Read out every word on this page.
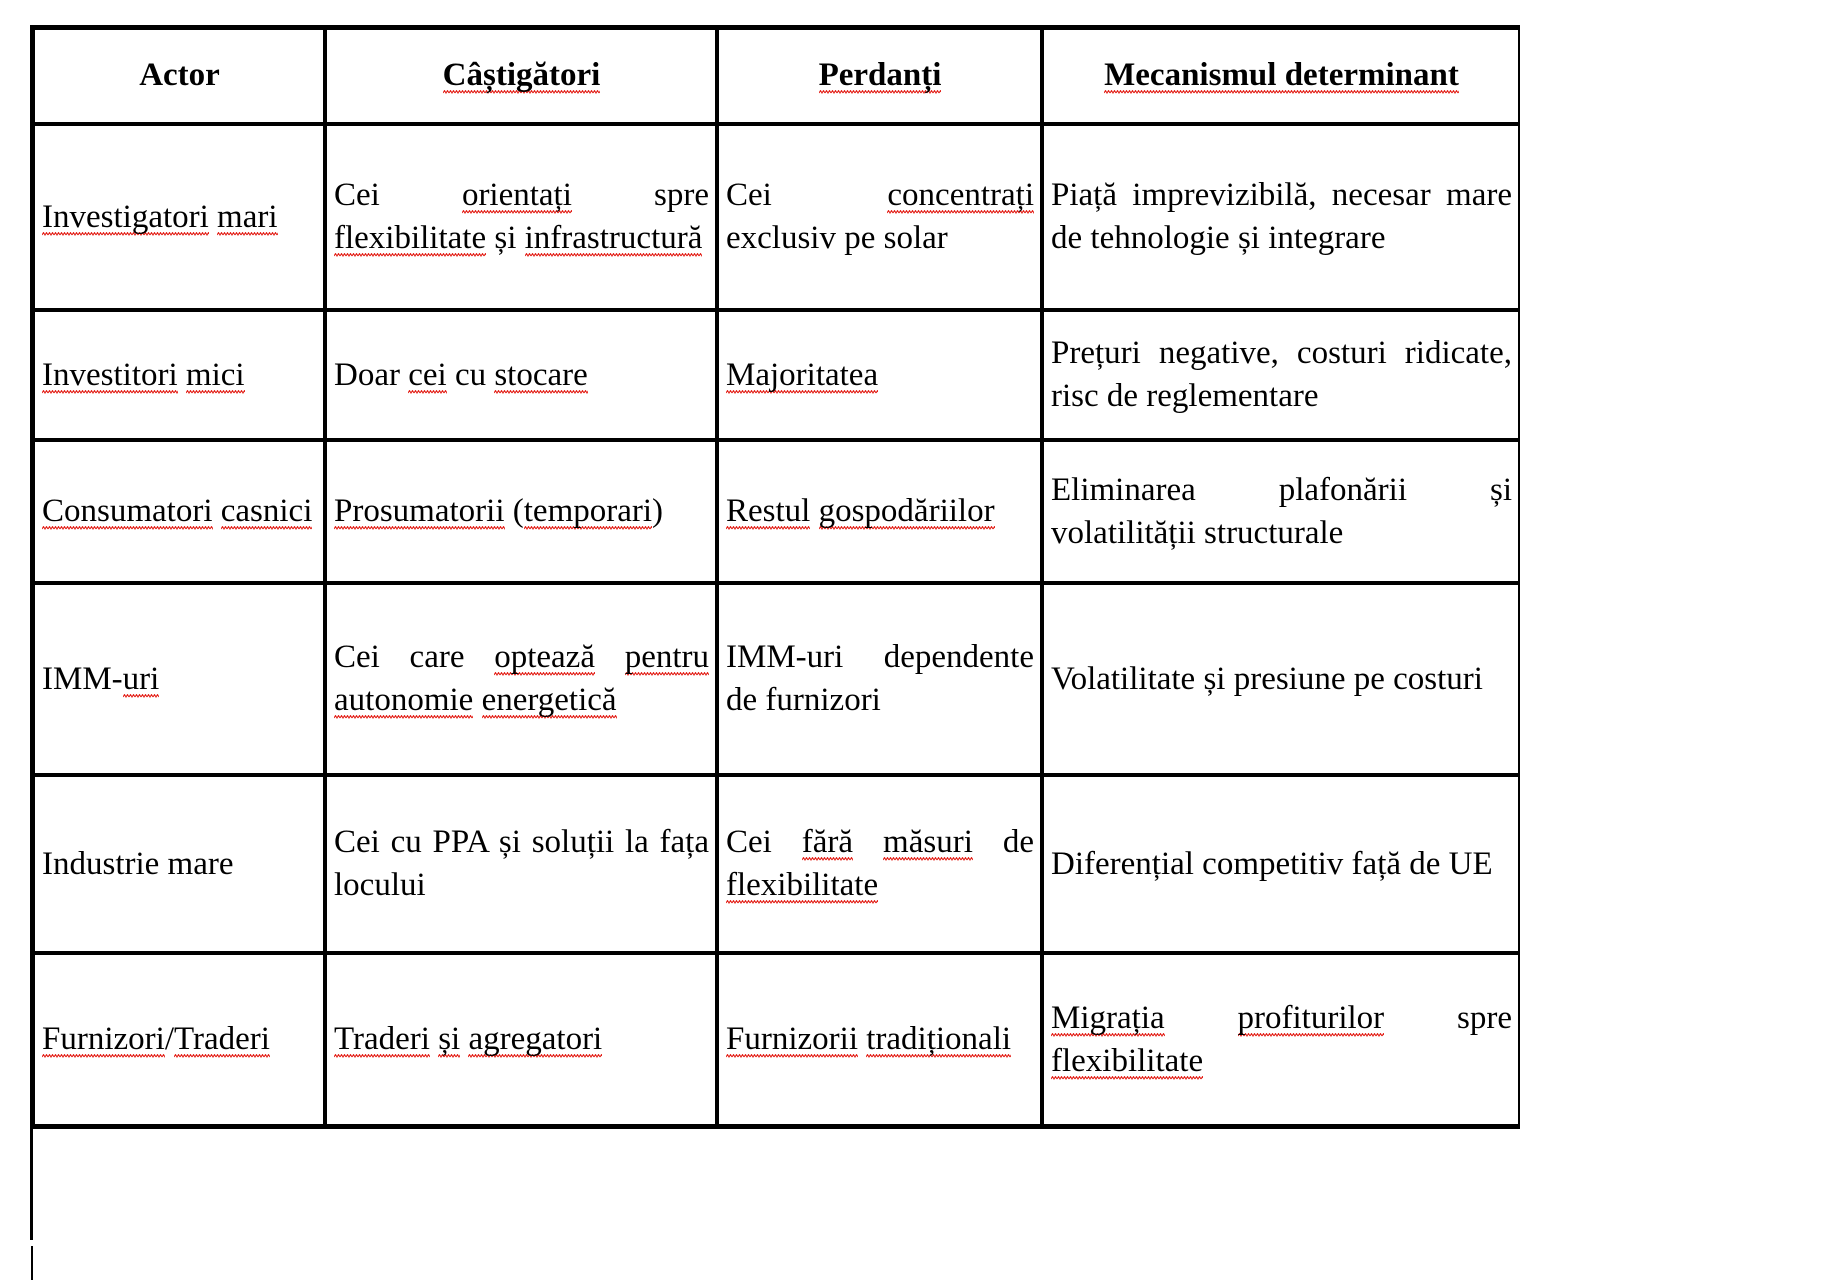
Actor	Câștigători	Perdanți	Mecanismul determinant

Investigatori mari	Cei orientați spre flexibilitate și infrastructură	Cei concentrați exclusiv pe solar	Piață imprevizibilă, necesar mare de tehnologie și integrare

Investitori mici	Doar cei cu stocare	Majoritatea	Prețuri negative, costuri ridicate, risc de reglementare

Consumatori casnici	Prosumatorii (temporari)	Restul gospodăriilor	Eliminarea plafonării și volatilității structurale

IMM-uri	Cei care optează pentru autonomie energetică	IMM-uri dependente de furnizori	Volatilitate și presiune pe costuri

Industrie mare	Cei cu PPA și soluții la fața locului	Cei fără măsuri de flexibilitate	Diferențial competitiv față de UE

Furnizori/Traderi	Traderi și agregatori	Furnizorii tradiționali	Migrația profiturilor spre flexibilitate
